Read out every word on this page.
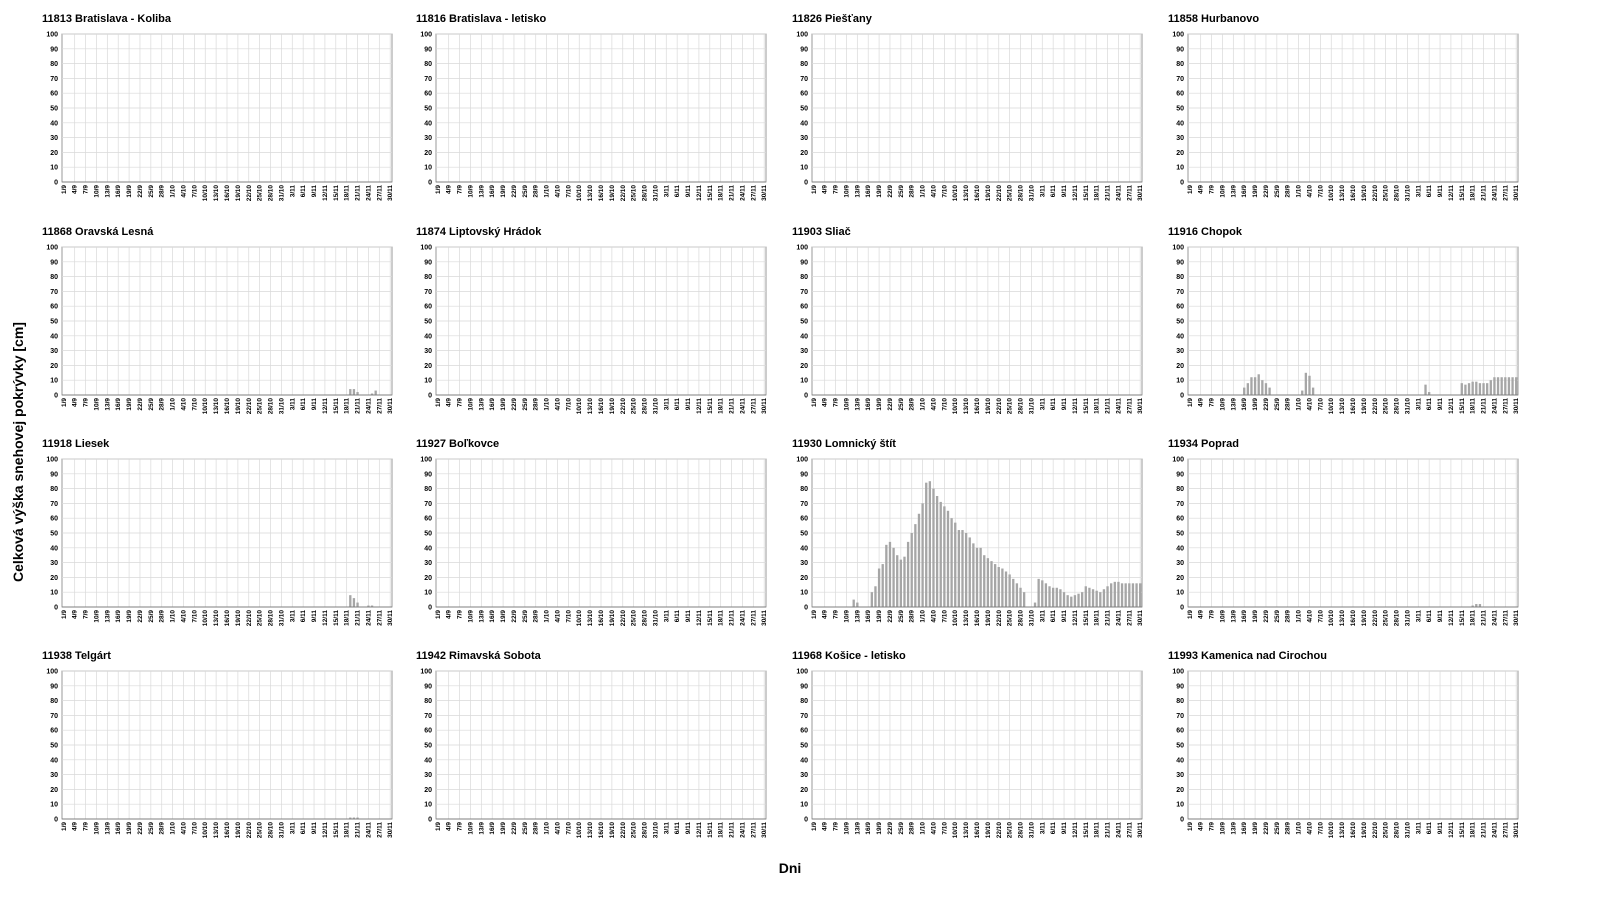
Celková výška snehovej pokrývky [cm]
Dni
11813 Bratislava - Koliba
0
10
20
30
40
50
60
70
80
90
100
1/9 4/9 7/9 10/9 13/9 16/9 19/9 22/9 25/9 28/9 1/10 4/10 7/10 10/10 13/10 16/10 19/10 22/10 25/10 28/10 31/10 3/11 6/11 9/11 12/11 15/11 18/11 21/11 24/11 27/11 30/11
11816 Bratislava - letisko
0
10
20
30
40
50
60
70
80
90
100
1/9 4/9 7/9 10/9 13/9 16/9 19/9 22/9 25/9 28/9 1/10 4/10 7/10 10/10 13/10 16/10 19/10 22/10 25/10 28/10 31/10 3/11 6/11 9/11 12/11 15/11 18/11 21/11 24/11 27/11 30/11
11826 Piešťany
0
10
20
30
40
50
60
70
80
90
100
1/9 4/9 7/9 10/9 13/9 16/9 19/9 22/9 25/9 28/9 1/10 4/10 7/10 10/10 13/10 16/10 19/10 22/10 25/10 28/10 31/10 3/11 6/11 9/11 12/11 15/11 18/11 21/11 24/11 27/11 30/11
11858 Hurbanovo
0
10
20
30
40
50
60
70
80
90
100
1/9 4/9 7/9 10/9 13/9 16/9 19/9 22/9 25/9 28/9 1/10 4/10 7/10 10/10 13/10 16/10 19/10 22/10 25/10 28/10 31/10 3/11 6/11 9/11 12/11 15/11 18/11 21/11 24/11 27/11 30/11
11868 Oravská Lesná
0
10
20
30
40
50
60
70
80
90
100
1/9 4/9 7/9 10/9 13/9 16/9 19/9 22/9 25/9 28/9 1/10 4/10 7/10 10/10 13/10 16/10 19/10 22/10 25/10 28/10 31/10 3/11 6/11 9/11 12/11 15/11 18/11 21/11 24/11 27/11 30/11
11874 Liptovský Hrádok
0
10
20
30
40
50
60
70
80
90
100
1/9 4/9 7/9 10/9 13/9 16/9 19/9 22/9 25/9 28/9 1/10 4/10 7/10 10/10 13/10 16/10 19/10 22/10 25/10 28/10 31/10 3/11 6/11 9/11 12/11 15/11 18/11 21/11 24/11 27/11 30/11
11903 Sliač
0
10
20
30
40
50
60
70
80
90
100
1/9 4/9 7/9 10/9 13/9 16/9 19/9 22/9 25/9 28/9 1/10 4/10 7/10 10/10 13/10 16/10 19/10 22/10 25/10 28/10 31/10 3/11 6/11 9/11 12/11 15/11 18/11 21/11 24/11 27/11 30/11
11916 Chopok
0
10
20
30
40
50
60
70
80
90
100
1/9 4/9 7/9 10/9 13/9 16/9 19/9 22/9 25/9 28/9 1/10 4/10 7/10 10/10 13/10 16/10 19/10 22/10 25/10 28/10 31/10 3/11 6/11 9/11 12/11 15/11 18/11 21/11 24/11 27/11 30/11
11918 Liesek
0
10
20
30
40
50
60
70
80
90
100
1/9 4/9 7/9 10/9 13/9 16/9 19/9 22/9 25/9 28/9 1/10 4/10 7/10 10/10 13/10 16/10 19/10 22/10 25/10 28/10 31/10 3/11 6/11 9/11 12/11 15/11 18/11 21/11 24/11 27/11 30/11
11927 Boľkovce
0
10
20
30
40
50
60
70
80
90
100
1/9 4/9 7/9 10/9 13/9 16/9 19/9 22/9 25/9 28/9 1/10 4/10 7/10 10/10 13/10 16/10 19/10 22/10 25/10 28/10 31/10 3/11 6/11 9/11 12/11 15/11 18/11 21/11 24/11 27/11 30/11
11930 Lomnický štít
0
10
20
30
40
50
60
70
80
90
100
1/9 4/9 7/9 10/9 13/9 16/9 19/9 22/9 25/9 28/9 1/10 4/10 7/10 10/10 13/10 16/10 19/10 22/10 25/10 28/10 31/10 3/11 6/11 9/11 12/11 15/11 18/11 21/11 24/11 27/11 30/11
11934 Poprad
0
10
20
30
40
50
60
70
80
90
100
1/9 4/9 7/9 10/9 13/9 16/9 19/9 22/9 25/9 28/9 1/10 4/10 7/10 10/10 13/10 16/10 19/10 22/10 25/10 28/10 31/10 3/11 6/11 9/11 12/11 15/11 18/11 21/11 24/11 27/11 30/11
11938 Telgárt
0
10
20
30
40
50
60
70
80
90
100
1/9 4/9 7/9 10/9 13/9 16/9 19/9 22/9 25/9 28/9 1/10 4/10 7/10 10/10 13/10 16/10 19/10 22/10 25/10 28/10 31/10 3/11 6/11 9/11 12/11 15/11 18/11 21/11 24/11 27/11 30/11
11942 Rimavská Sobota
0
10
20
30
40
50
60
70
80
90
100
1/9 4/9 7/9 10/9 13/9 16/9 19/9 22/9 25/9 28/9 1/10 4/10 7/10 10/10 13/10 16/10 19/10 22/10 25/10 28/10 31/10 3/11 6/11 9/11 12/11 15/11 18/11 21/11 24/11 27/11 30/11
11968 Košice - letisko
0
10
20
30
40
50
60
70
80
90
100
1/9 4/9 7/9 10/9 13/9 16/9 19/9 22/9 25/9 28/9 1/10 4/10 7/10 10/10 13/10 16/10 19/10 22/10 25/10 28/10 31/10 3/11 6/11 9/11 12/11 15/11 18/11 21/11 24/11 27/11 30/11
11993 Kamenica nad Cirochou
0
10
20
30
40
50
60
70
80
90
100
1/9 4/9 7/9 10/9 13/9 16/9 19/9 22/9 25/9 28/9 1/10 4/10 7/10 10/10 13/10 16/10 19/10 22/10 25/10 28/10 31/10 3/11 6/11 9/11 12/11 15/11 18/11 21/11 24/11 27/11 30/11
